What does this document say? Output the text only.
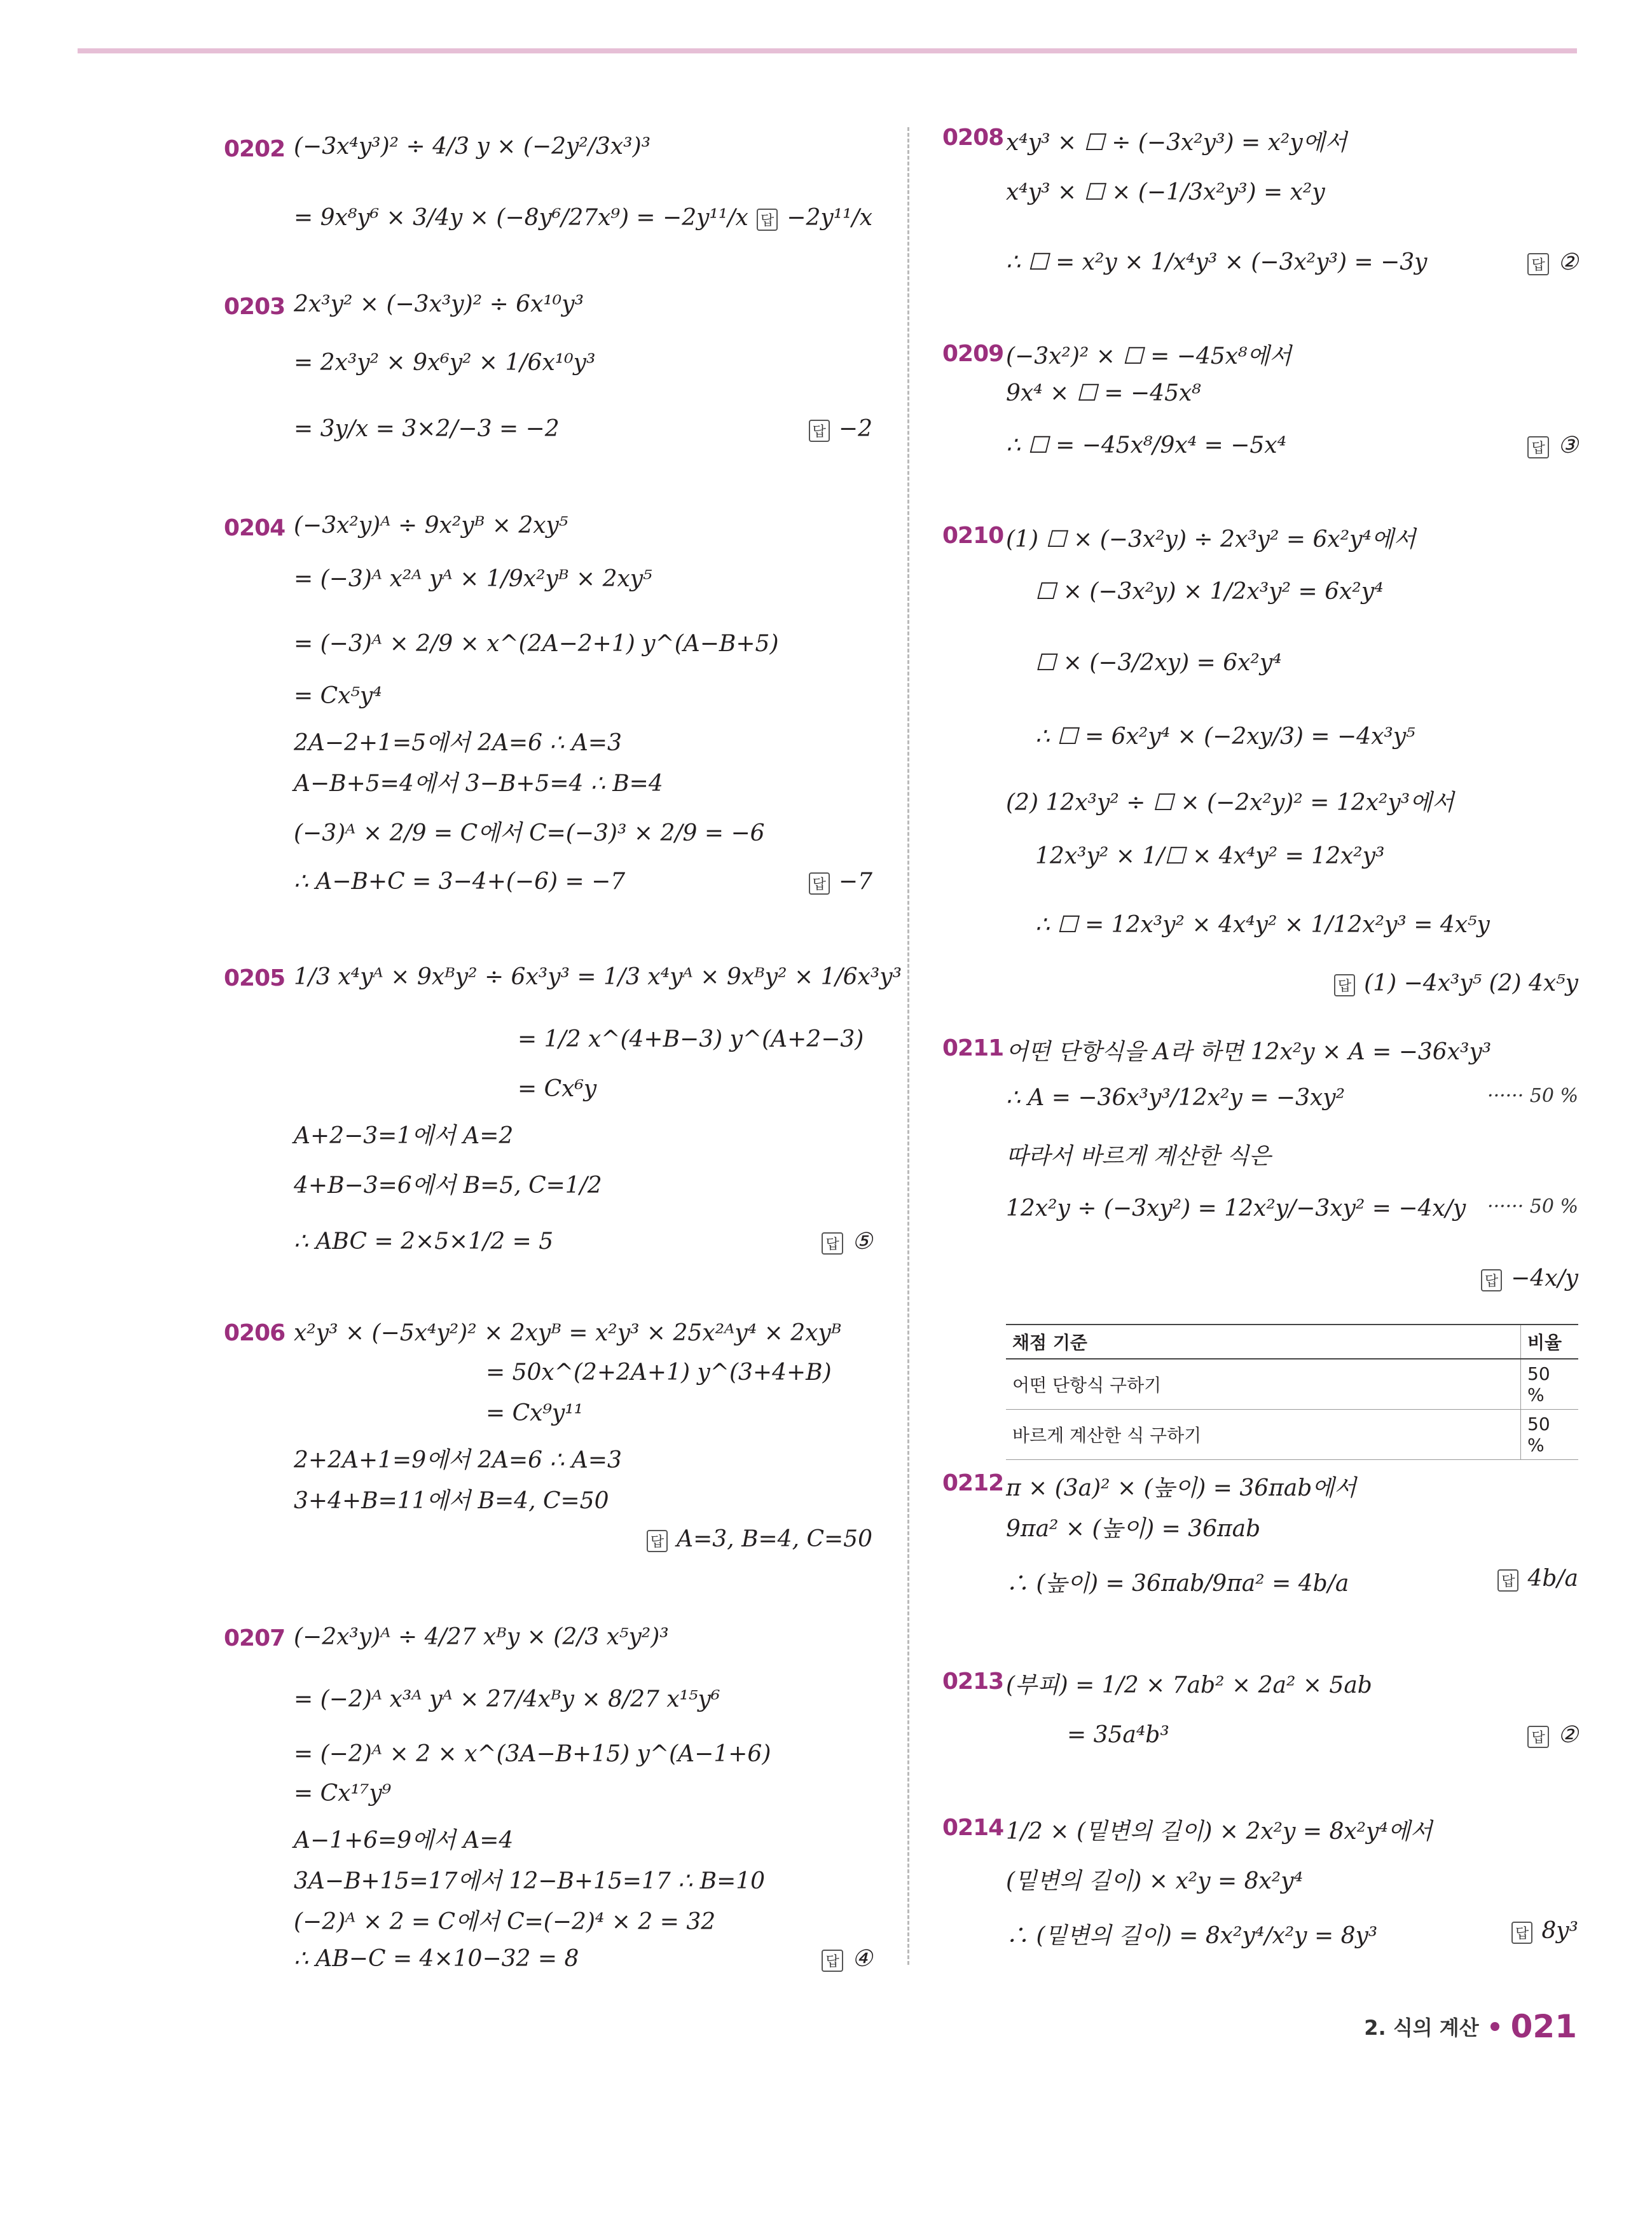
0202 (−3x⁴y³)² ÷ 4/3 y × (−2y²/3x³)³
= 9x⁸y⁶ × 3/4y × (−8y⁶/27x⁹) = −2y¹¹/x 답 −2y¹¹/x
0203 2x³y² × (−3x³y)² ÷ 6x¹⁰y³
= 2x³y² × 9x⁶y² × 1/6x¹⁰y³
= 3y/x = 3×2/−3 = −2	답 −2
0204 (−3x²y)ᴬ ÷ 9x²yᴮ × 2xy⁵
= (−3)ᴬ x²ᴬ yᴬ × 1/9x²yᴮ × 2xy⁵
= (−3)ᴬ × 2/9 × x^(2A−2+1) y^(A−B+5)
= Cx⁵y⁴
2A−2+1=5에서 2A=6 ∴ A=3
A−B+5=4에서 3−B+5=4 ∴ B=4
(−3)ᴬ × 2/9 = C에서 C=(−3)³ × 2/9 = −6
∴ A−B+C = 3−4+(−6) = −7	답 −7
0205 1/3 x⁴yᴬ × 9xᴮy² ÷ 6x³y³ = 1/3 x⁴yᴬ × 9xᴮy² × 1/6x³y³
= 1/2 x^(4+B−3) y^(A+2−3)
= Cx⁶y
A+2−3=1에서 A=2
4+B−3=6에서 B=5, C=1/2
∴ ABC = 2×5×1/2 = 5	답 ⑤
0206 x²y³ × (−5x⁴y²)² × 2xyᴮ = x²y³ × 25x²ᴬy⁴ × 2xyᴮ
= 50x^(2+2A+1) y^(3+4+B)
= Cx⁹y¹¹
2+2A+1=9에서 2A=6 ∴ A=3
3+4+B=11에서 B=4, C=50
답 A=3, B=4, C=50
0207 (−2x³y)ᴬ ÷ 4/27 xᴮy × (2/3 x⁵y²)³
= (−2)ᴬ x³ᴬ yᴬ × 27/4xᴮy × 8/27 x¹⁵y⁶
= (−2)ᴬ × 2 × x^(3A−B+15) y^(A−1+6)
= Cx¹⁷y⁹
A−1+6=9에서 A=4
3A−B+15=17에서 12−B+15=17 ∴ B=10
(−2)ᴬ × 2 = C에서 C=(−2)⁴ × 2 = 32
∴ AB−C = 4×10−32 = 8	답 ④
0208 x⁴y³ × ☐ ÷ (−3x²y³) = x²y에서
x⁴y³ × ☐ × (−1/3x²y³) = x²y
∴ ☐ = x²y × 1/x⁴y³ × (−3x²y³) = −3y	답 ②
0209 (−3x²)² × ☐ = −45x⁸에서
9x⁴ × ☐ = −45x⁸
∴ ☐ = −45x⁸/9x⁴ = −5x⁴	답 ③
0210 (1) ☐ × (−3x²y) ÷ 2x³y² = 6x²y⁴에서
☐ × (−3x²y) × 1/2x³y² = 6x²y⁴
☐ × (−3/2xy) = 6x²y⁴
∴ ☐ = 6x²y⁴ × (−2xy/3) = −4x³y⁵
(2) 12x³y² ÷ ☐ × (−2x²y)² = 12x²y³에서
12x³y² × 1/☐ × 4x⁴y² = 12x²y³
∴ ☐ = 12x³y² × 4x⁴y² × 1/12x²y³ = 4x⁵y
답 (1) −4x³y⁵ (2) 4x⁵y
0211 어떤 단항식을 A라 하면 12x²y × A = −36x³y³
∴ A = −36x³y³/12x²y = −3xy²	······ 50 %
따라서 바르게 계산한 식은
12x²y ÷ (−3xy²) = 12x²y/−3xy² = −4x/y ······ 50 %
답 −4x/y
채점 기준	비율
어떤 단항식 구하기	50 %
바르게 계산한 식 구하기	50 %
0212 π × (3a)² × (높이) = 36πab에서
9πa² × (높이) = 36πab
∴ (높이) = 36πab/9πa² = 4b/a	답 4b/a
0213 (부피) = 1/2 × 7ab² × 2a² × 5ab
= 35a⁴b³	답 ②
0214 1/2 × (밑변의 길이) × 2x²y = 8x²y⁴에서
(밑변의 길이) × x²y = 8x²y⁴
∴ (밑변의 길이) = 8x²y⁴/x²y = 8y³	답 8y³
2. 식의 계산 021
